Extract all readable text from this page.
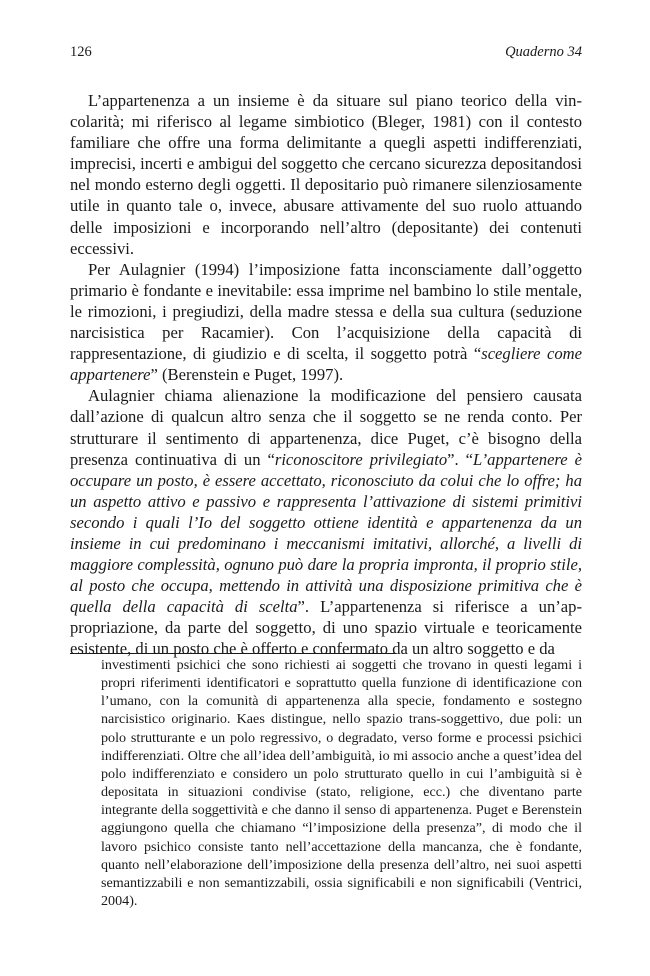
126	Quaderno 34

L’appartenenza a un insieme è da situare sul piano teorico della vincolarità; mi riferisco al legame simbiotico (Bleger, 1981) con il contesto familiare che offre una forma delimitante a quegli aspetti indifferenziati, imprecisi, incerti e ambigui del soggetto che cercano sicurezza depositandosi nel mondo esterno degli oggetti. Il depositario può rimanere silenziosamente utile in quanto tale o, invece, abusare attivamente del suo ruolo attuando delle imposizioni e incorporando nell’altro (depositante) dei contenuti eccessivi.

Per Aulagnier (1994) l’imposizione fatta inconsciamente dall’oggetto primario è fondante e inevitabile: essa imprime nel bambino lo stile mentale, le rimozioni, i pregiudizi, della madre stessa e della sua cultura (seduzione narcisistica per Racamier). Con l’acquisizione della capacità di rappresentazione, di giudizio e di scelta, il soggetto potrà “scegliere come appartenere” (Berenstein e Puget, 1997).

Aulagnier chiama alienazione la modificazione del pensiero causata dall’azione di qualcun altro senza che il soggetto se ne renda conto. Per strutturare il sentimento di appartenenza, dice Puget, c’è bisogno della presenza continuativa di un “riconoscitore privilegiato”. “L’appartenere è occupare un posto, è essere accettato, riconosciuto da colui che lo offre; ha un aspetto attivo e passivo e rappresenta l’attivazione di sistemi primitivi secondo i quali l’Io del soggetto ottiene identità e appartenenza da un insieme in cui predominano i meccanismi imitativi, allorché, a livelli di maggiore complessità, ognuno può dare la propria impronta, il proprio stile, al posto che occupa, mettendo in attività una disposizione primitiva che è quella della capacità di scelta”. L’appartenenza si riferisce a un’appropriazione, da parte del soggetto, di uno spazio virtuale e teoricamente esistente, di un posto che è offerto e confermato da un altro soggetto e da

investimenti psichici che sono richiesti ai soggetti che trovano in questi legami i propri riferimenti identificatori e soprattutto quella funzione di identificazione con l’umano, con la comunità di appartenenza alla specie, fondamento e sostegno narcisistico originario. Kaes distingue, nello spazio trans-soggettivo, due poli: un polo strutturante e un polo regressivo, o degradato, verso forme e processi psichici indifferenziati. Oltre che all’idea dell’ambiguità, io mi associo anche a quest’idea del polo indifferenziato e considero un polo strutturato quello in cui l’ambiguità si è depositata in situazioni condivise (stato, religione, ecc.) che diventano parte integrante della soggettività e che danno il senso di appartenenza. Puget e Berenstein aggiungono quella che chiamano “l’imposizione della presenza”, di modo che il lavoro psichico consiste tanto nell’accettazione della mancanza, che è fondante, quanto nell’elaborazione dell’imposizione della presenza dell’altro, nei suoi aspetti semantizzabili e non semantizzabili, ossia significabili e non significabili (Ventrici, 2004).
